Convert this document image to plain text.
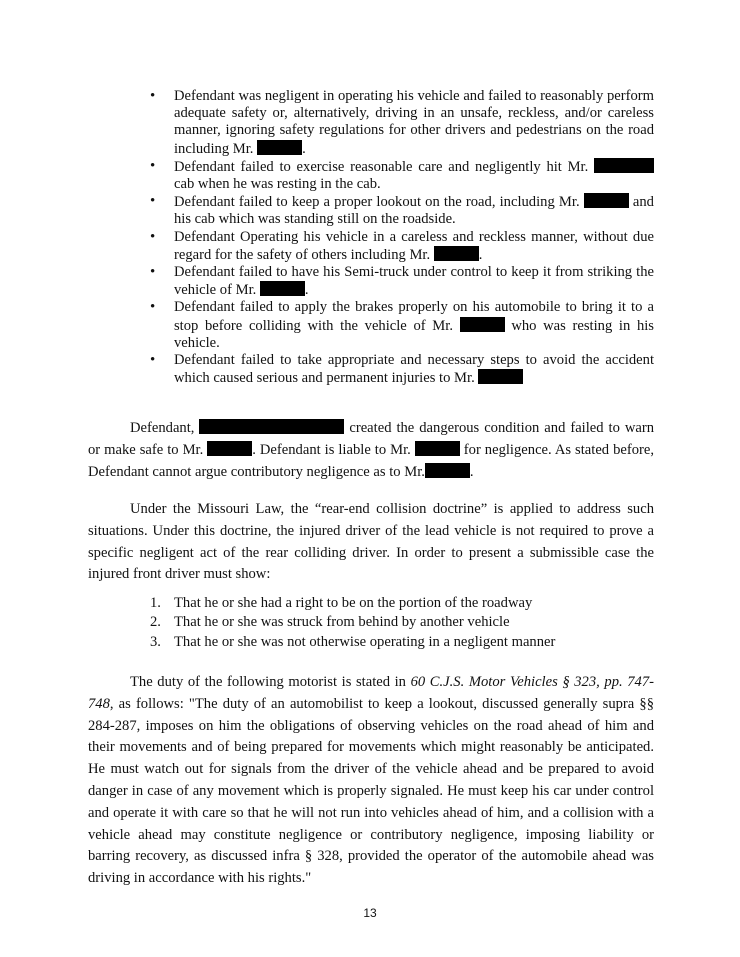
• Defendant was negligent in operating his vehicle and failed to reasonably perform adequate safety or, alternatively, driving in an unsafe, reckless, and/or careless manner, ignoring safety regulations for other drivers and pedestrians on the road including Mr.	.
• Defendant failed to exercise reasonable care and negligently hit Mr.  cab when he was resting in the cab.
• Defendant failed to keep a proper lookout on the road, including Mr.	and his cab which was standing still on the roadside.
• Defendant Operating his vehicle in a careless and reckless manner, without due regard for the safety of others including Mr.	.
• Defendant failed to have his Semi-truck under control to keep it from striking the vehicle of Mr.	.
• Defendant failed to apply the brakes properly on his automobile to bring it to a stop before colliding with the vehicle of Mr.	who was resting in his vehicle.
• Defendant failed to take appropriate and necessary steps to avoid the accident which caused serious and permanent injuries to Mr.

Defendant,	created the dangerous condition and failed to warn or make safe to Mr.	. Defendant is liable to Mr.	for negligence. As stated before, Defendant cannot argue contributory negligence as to Mr.	.

Under the Missouri Law, the “rear-end collision doctrine” is applied to address such situations. Under this doctrine, the injured driver of the lead vehicle is not required to prove a specific negligent act of the rear colliding driver. In order to present a submissible case the injured front driver must show:

1. That he or she had a right to be on the portion of the roadway
2. That he or she was struck from behind by another vehicle
3. That he or she was not otherwise operating in a negligent manner

The duty of the following motorist is stated in 60 C.J.S. Motor Vehicles § 323, pp. 747-748, as follows: "The duty of an automobilist to keep a lookout, discussed generally supra §§ 284-287, imposes on him the obligations of observing vehicles on the road ahead of him and their movements and of being prepared for movements which might reasonably be anticipated. He must watch out for signals from the driver of the vehicle ahead and be prepared to avoid danger in case of any movement which is properly signaled. He must keep his car under control and operate it with care so that he will not run into vehicles ahead of him, and a collision with a vehicle ahead may constitute negligence or contributory negligence, imposing liability or barring recovery, as discussed infra § 328, provided the operator of the automobile ahead was driving in accordance with his rights."

13
